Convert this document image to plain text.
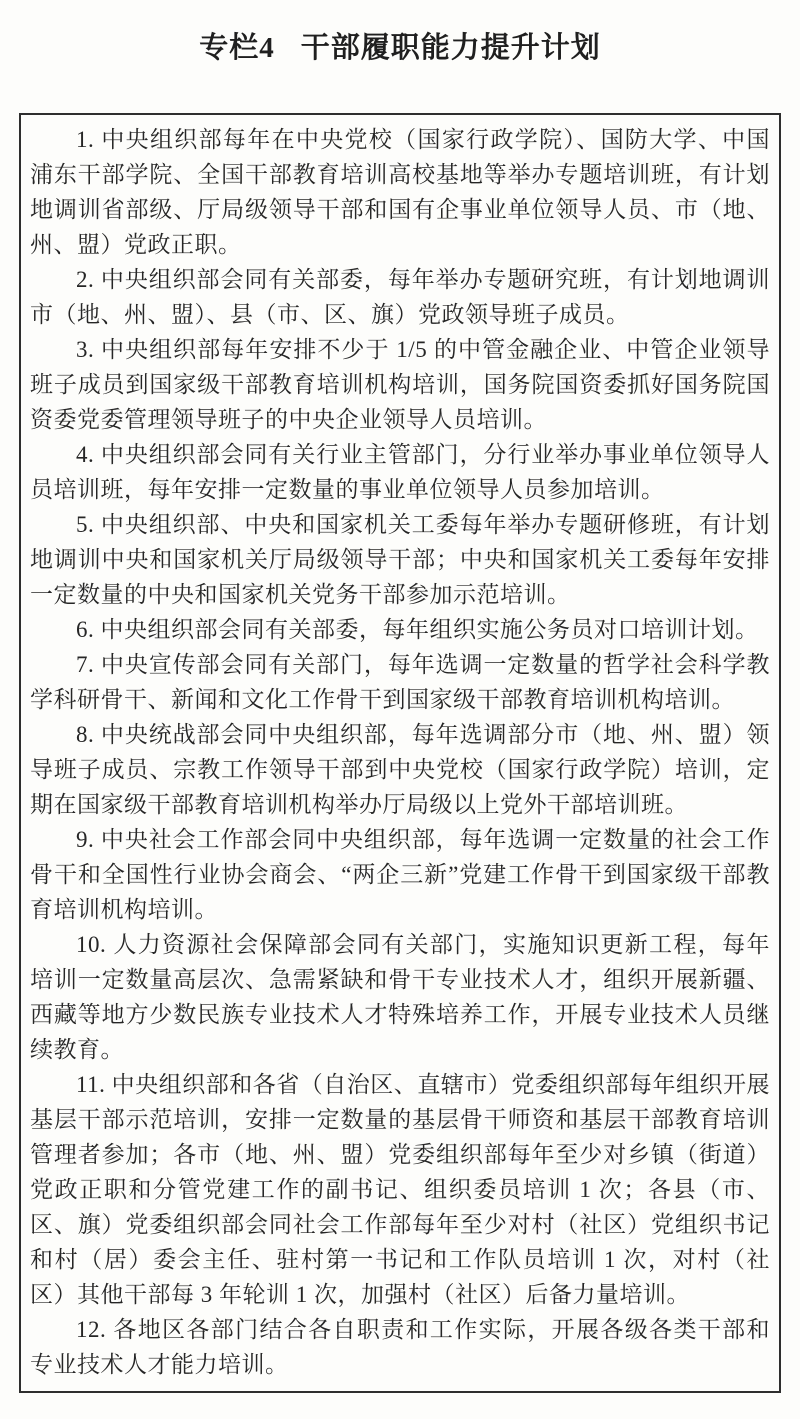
专栏4 干部履职能力提升计划

1. 中央组织部每年在中央党校（国家行政学院）、国防大学、中国浦东干部学院、全国干部教育培训高校基地等举办专题培训班，有计划地调训省部级、厅局级领导干部和国有企事业单位领导人员、市（地、州、盟）党政正职。

2. 中央组织部会同有关部委，每年举办专题研究班，有计划地调训市（地、州、盟）、县（市、区、旗）党政领导班子成员。

3. 中央组织部每年安排不少于 1/5 的中管金融企业、中管企业领导班子成员到国家级干部教育培训机构培训，国务院国资委抓好国务院国资委党委管理领导班子的中央企业领导人员培训。

4. 中央组织部会同有关行业主管部门，分行业举办事业单位领导人员培训班，每年安排一定数量的事业单位领导人员参加培训。

5. 中央组织部、中央和国家机关工委每年举办专题研修班，有计划地调训中央和国家机关厅局级领导干部；中央和国家机关工委每年安排一定数量的中央和国家机关党务干部参加示范培训。

6. 中央组织部会同有关部委，每年组织实施公务员对口培训计划。

7. 中央宣传部会同有关部门，每年选调一定数量的哲学社会科学教学科研骨干、新闻和文化工作骨干到国家级干部教育培训机构培训。

8. 中央统战部会同中央组织部，每年选调部分市（地、州、盟）领导班子成员、宗教工作领导干部到中央党校（国家行政学院）培训，定期在国家级干部教育培训机构举办厅局级以上党外干部培训班。

9. 中央社会工作部会同中央组织部，每年选调一定数量的社会工作骨干和全国性行业协会商会、“两企三新”党建工作骨干到国家级干部教育培训机构培训。

10. 人力资源社会保障部会同有关部门，实施知识更新工程，每年培训一定数量高层次、急需紧缺和骨干专业技术人才，组织开展新疆、西藏等地方少数民族专业技术人才特殊培养工作，开展专业技术人员继续教育。

11. 中央组织部和各省（自治区、直辖市）党委组织部每年组织开展基层干部示范培训，安排一定数量的基层骨干师资和基层干部教育培训管理者参加；各市（地、州、盟）党委组织部每年至少对乡镇（街道）党政正职和分管党建工作的副书记、组织委员培训 1 次；各县（市、区、旗）党委组织部会同社会工作部每年至少对村（社区）党组织书记和村（居）委会主任、驻村第一书记和工作队员培训 1 次，对村（社区）其他干部每 3 年轮训 1 次，加强村（社区）后备力量培训。

12. 各地区各部门结合各自职责和工作实际，开展各级各类干部和专业技术人才能力培训。
